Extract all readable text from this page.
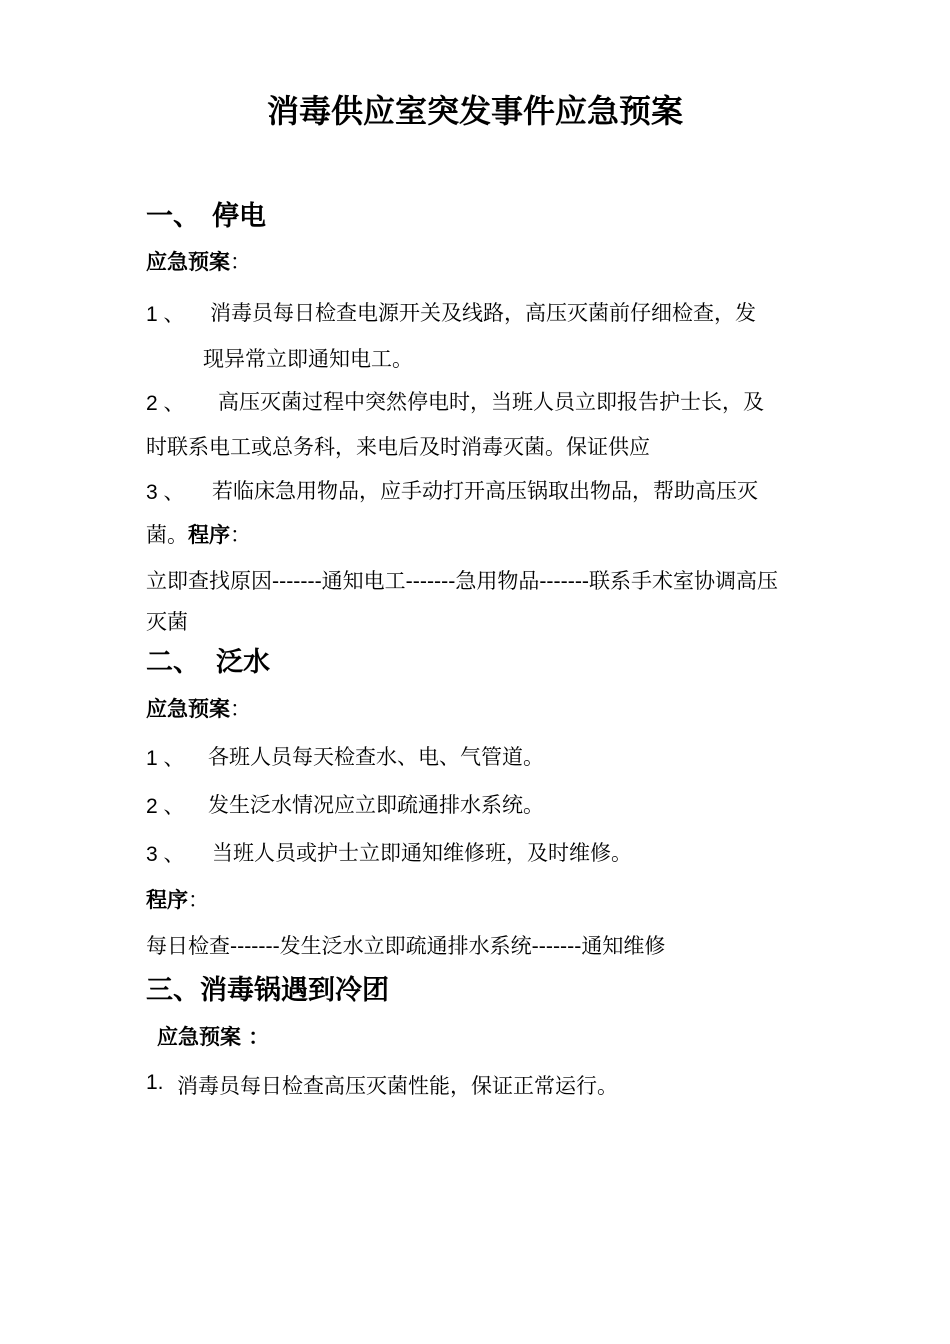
消毒供应室突发事件应急预案
一、 停电
应急预案：
1 、 消毒员每日检查电源开关及线路，高压灭菌前仔细检查，发
现异常立即通知电工。
2 、 高压灭菌过程中突然停电时，当班人员立即报告护士长，及
时联系电工或总务科，来电后及时消毒灭菌。保证供应
3 、 若临床急用物品，应手动打开高压锅取出物品，帮助高压灭
菌。程序：
立即查找原因-------通知电工-------急用物品-------联系手术室协调高压
灭菌
二、 泛水
应急预案：
1 、 各班人员每天检查水、电、气管道。
2 、 发生泛水情况应立即疏通排水系统。
3 、 当班人员或护士立即通知维修班，及时维修。
程序：
每日检查-------发生泛水立即疏通排水系统-------通知维修
三、消毒锅遇到冷团
应急预案 ：
1. 消毒员每日检查高压灭菌性能，保证正常运行。
